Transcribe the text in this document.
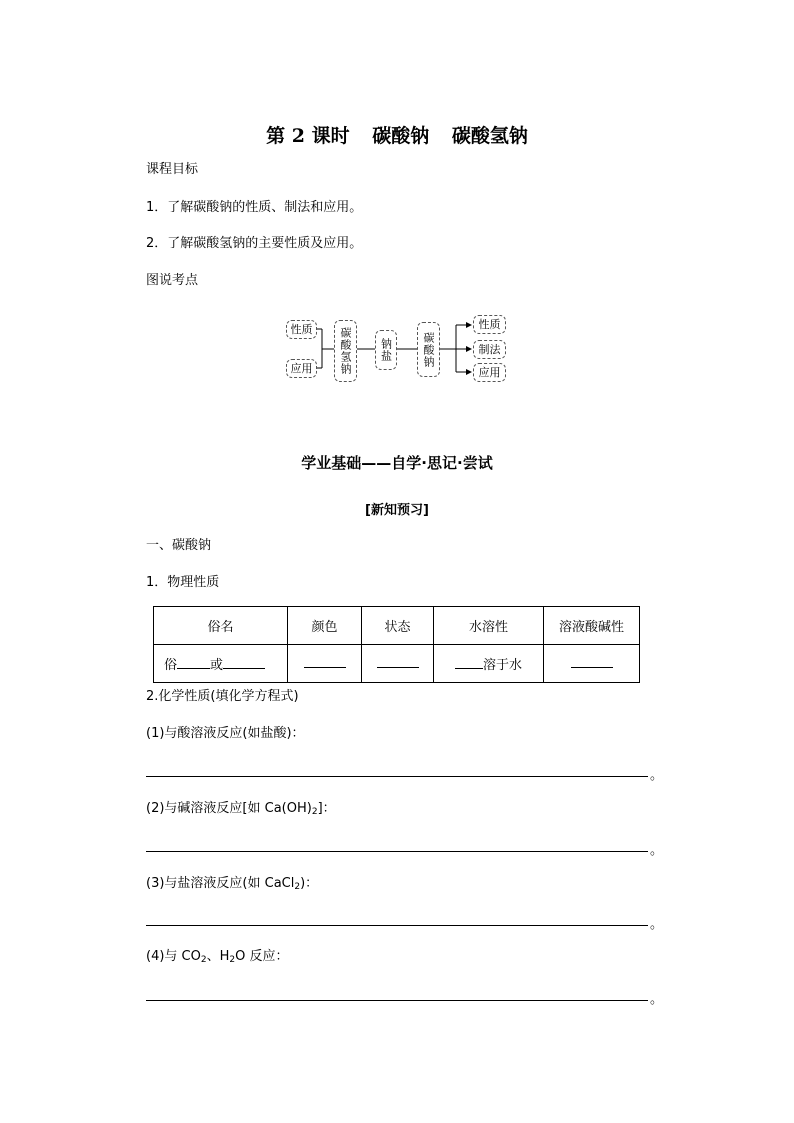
第 2 课时 碳酸钠 碳酸氢钠
课程目标
1．了解碳酸钠的性质、制法和应用。
2．了解碳酸氢钠的主要性质及应用。
图说考点
性质
应用	碳酸氢钠	钠盐	碳酸钠
性质
制法
应用
学业基础——自学·思记·尝试
[新知预习]
一、碳酸钠
1．物理性质
俗名	颜色	状态	水溶性	溶液酸碱性
俗 或			溶于水	
2.化学性质(填化学方程式)
(1)与酸溶液反应(如盐酸)：
。
(2)与碱溶液反应[如 $Ca(OH)_2$]：
。
(3)与盐溶液反应(如 CaCl$_2$)：
。
(4)与 $CO_2$、$H_2O$ 反应：
。
